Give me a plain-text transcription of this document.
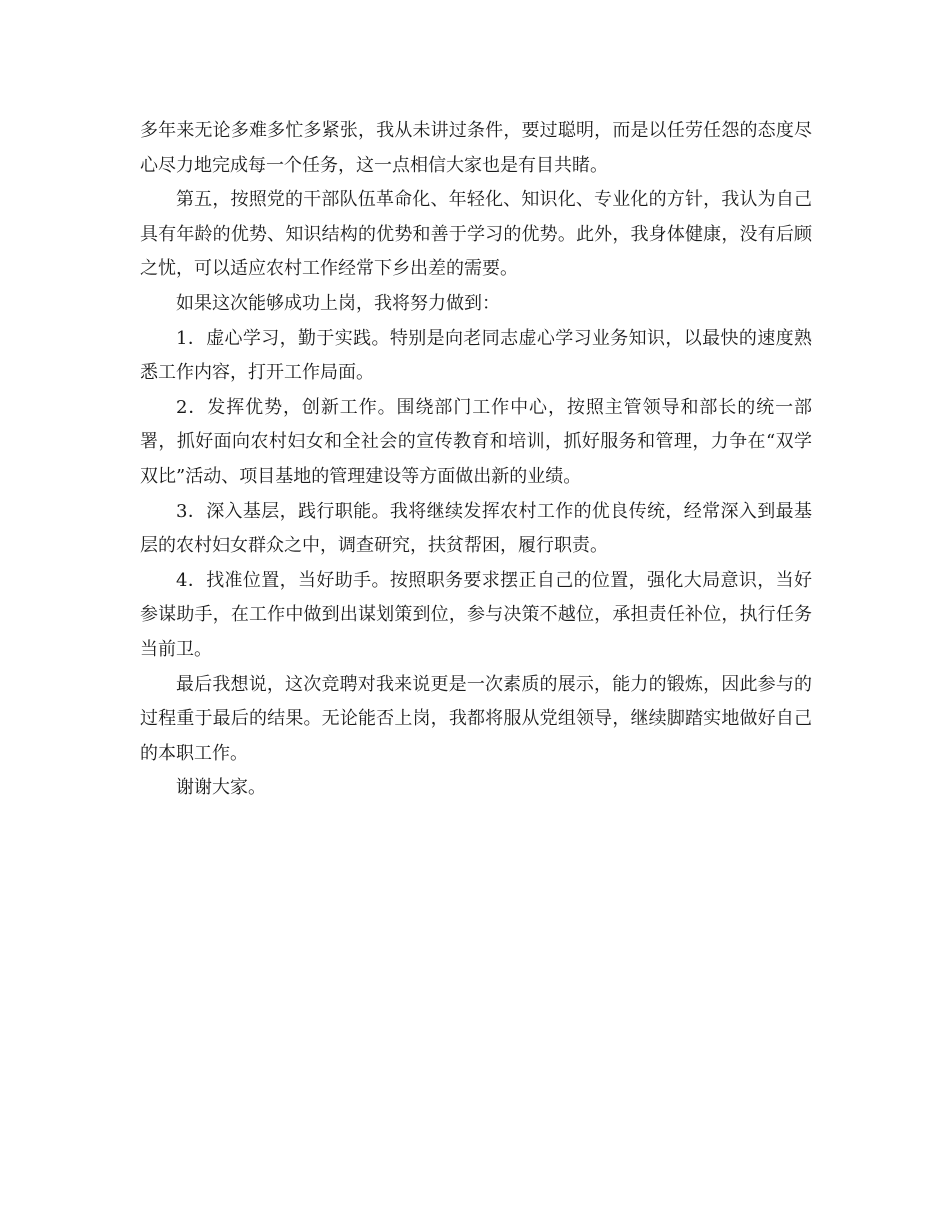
多年来无论多难多忙多紧张，我从未讲过条件，要过聪明，而是以任劳任怨的态度尽心尽力地完成每一个任务，这一点相信大家也是有目共睹。

第五，按照党的干部队伍革命化、年轻化、知识化、专业化的方针，我认为自己具有年龄的优势、知识结构的优势和善于学习的优势。此外，我身体健康，没有后顾之忧，可以适应农村工作经常下乡出差的需要。

如果这次能够成功上岗，我将努力做到：

1．虚心学习，勤于实践。特别是向老同志虚心学习业务知识，以最快的速度熟悉工作内容，打开工作局面。

2．发挥优势，创新工作。围绕部门工作中心，按照主管领导和部长的统一部署，抓好面向农村妇女和全社会的宣传教育和培训，抓好服务和管理，力争在“双学双比”活动、项目基地的管理建设等方面做出新的业绩。

3．深入基层，践行职能。我将继续发挥农村工作的优良传统，经常深入到最基层的农村妇女群众之中，调查研究，扶贫帮困，履行职责。

4．找准位置，当好助手。按照职务要求摆正自己的位置，强化大局意识，当好参谋助手，在工作中做到出谋划策到位，参与决策不越位，承担责任补位，执行任务当前卫。

最后我想说，这次竞聘对我来说更是一次素质的展示，能力的锻炼，因此参与的过程重于最后的结果。无论能否上岗，我都将服从党组领导，继续脚踏实地做好自己的本职工作。

谢谢大家。
